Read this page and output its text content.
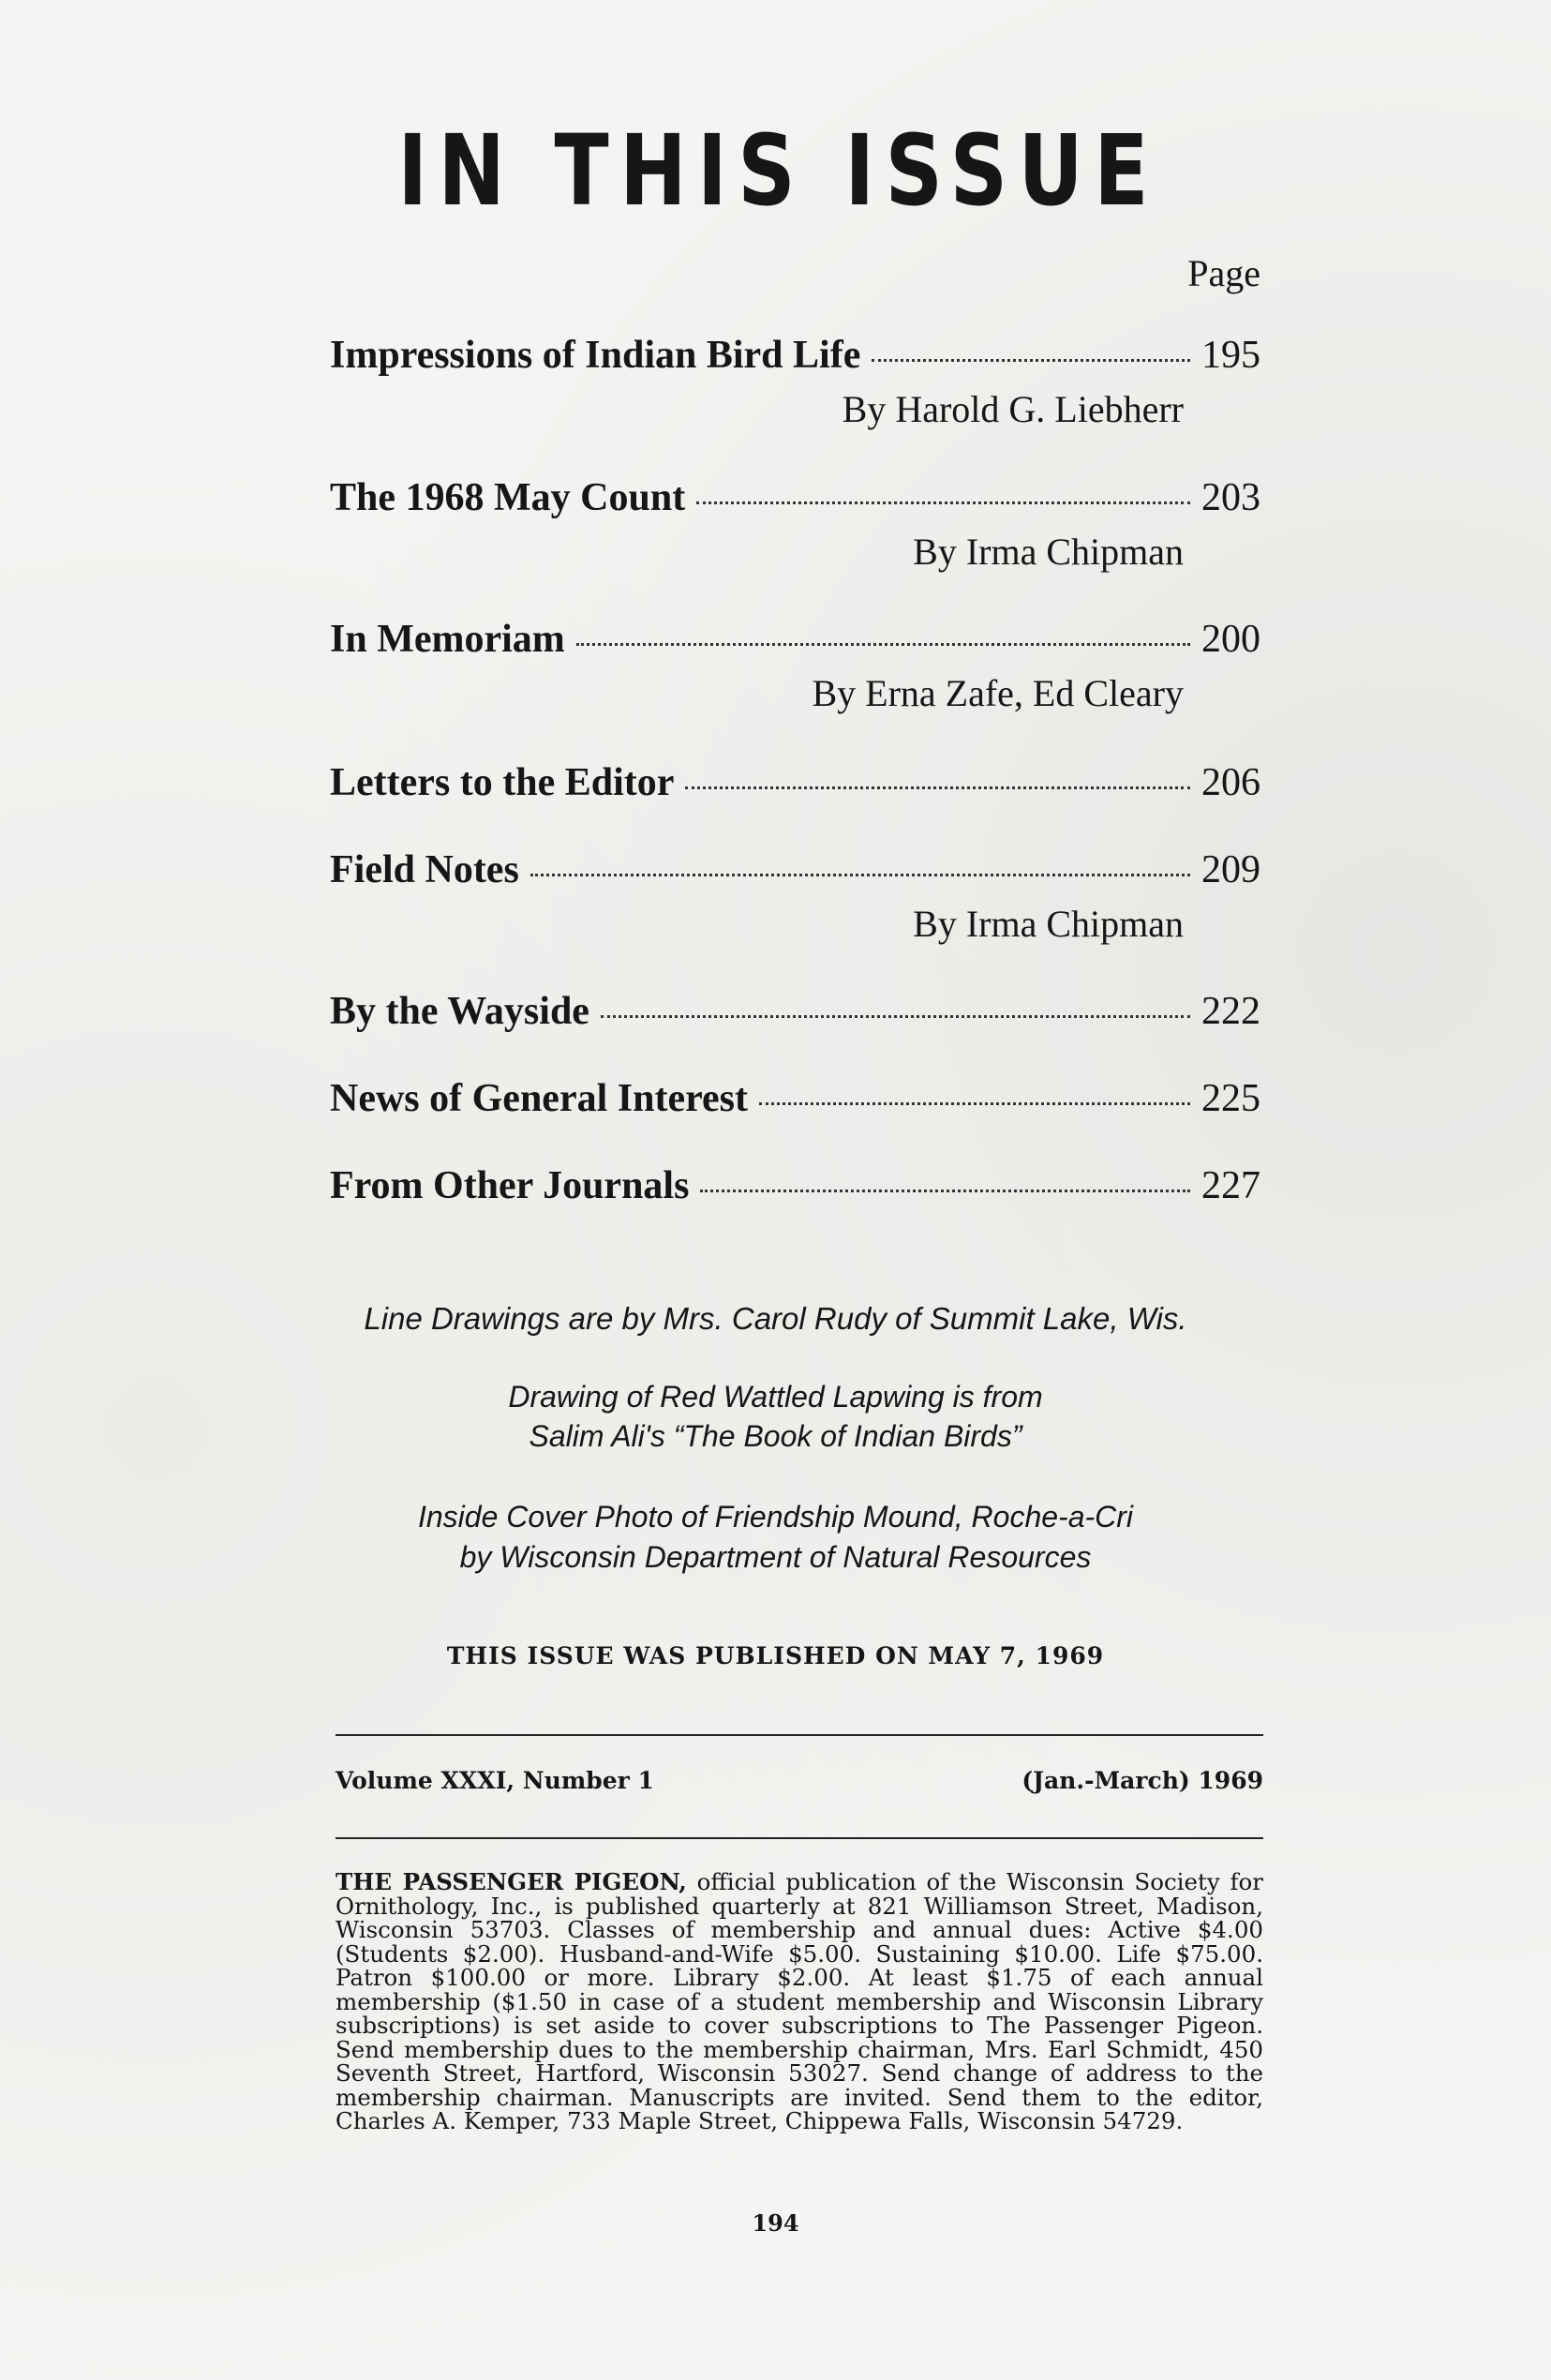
IN THIS ISSUE
Page
Impressions of Indian Bird Life	195
By Harold G. Liebherr
The 1968 May Count	203
By Irma Chipman
In Memoriam	200
By Erna Zafe, Ed Cleary
Letters to the Editor	206
Field Notes	209
By Irma Chipman
By the Wayside	222
News of General Interest	225
From Other Journals	227
Line Drawings are by Mrs. Carol Rudy of Summit Lake, Wis.
Drawing of Red Wattled Lapwing is from
Salim Ali's “The Book of Indian Birds”
Inside Cover Photo of Friendship Mound, Roche-a-Cri
by Wisconsin Department of Natural Resources
THIS ISSUE WAS PUBLISHED ON MAY 7, 1969
Volume XXXI, Number 1	(Jan.-March) 1969
THE PASSENGER PIGEON, official publication of the Wisconsin Society for Ornithology, Inc., is published quarterly at 821 Williamson Street, Madison, Wisconsin 53703. Classes of membership and annual dues: Active $4.00 (Students $2.00). Husband-and-Wife $5.00. Sustaining $10.00. Life $75.00. Patron $100.00 or more. Library $2.00. At least $1.75 of each annual membership ($1.50 in case of a student membership and Wisconsin Library subscriptions) is set aside to cover subscriptions to The Passenger Pigeon. Send membership dues to the membership chairman, Mrs. Earl Schmidt, 450 Seventh Street, Hartford, Wisconsin 53027. Send change of address to the membership chairman. Manuscripts are invited. Send them to the editor, Charles A. Kemper, 733 Maple Street, Chippewa Falls, Wisconsin 54729.
194
